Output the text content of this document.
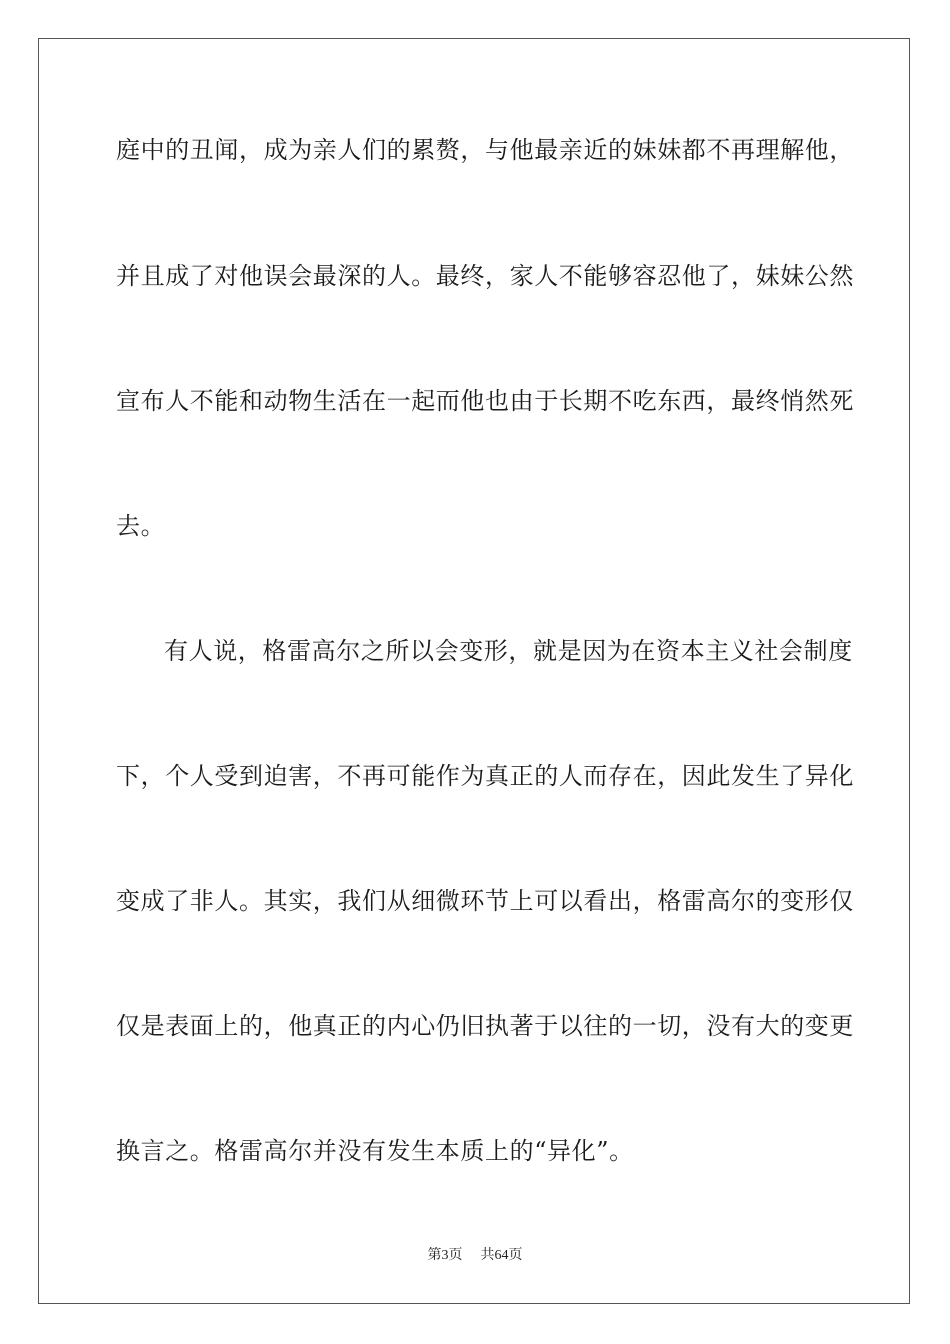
庭中的丑闻，成为亲人们的累赘，与他最亲近的妹妹都不再理解他，
并且成了对他误会最深的人。最终，家人不能够容忍他了，妹妹公然
宣布人不能和动物生活在一起而他也由于长期不吃东西，最终悄然死
去。
有人说，格雷高尔之所以会变形，就是因为在资本主义社会制度
下，个人受到迫害，不再可能作为真正的人而存在，因此发生了异化
变成了非人。其实，我们从细微环节上可以看出，格雷高尔的变形仅
仅是表面上的，他真正的内心仍旧执著于以往的一切，没有大的变更
换言之。格雷高尔并没有发生本质上的“异化”。
第3页 共64页
